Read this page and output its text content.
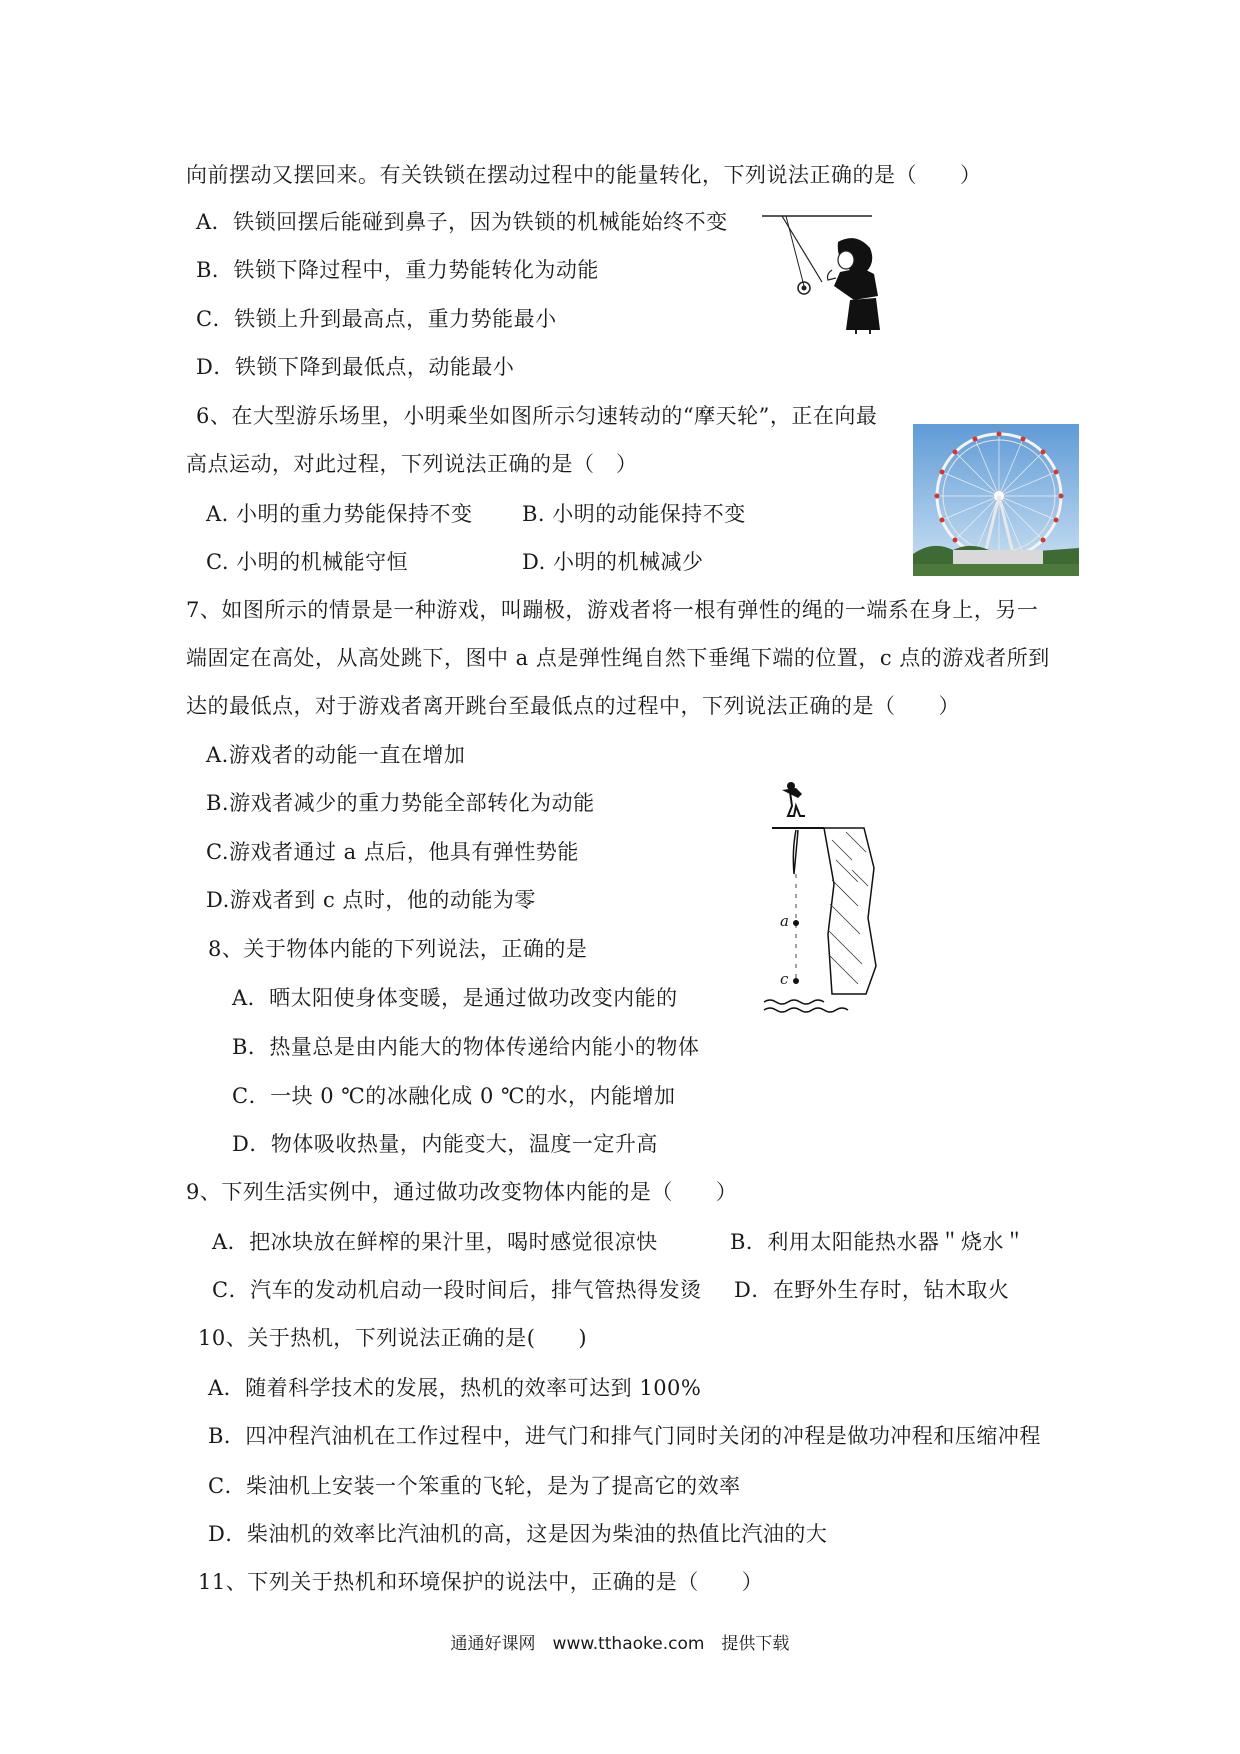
向前摆动又摆回来。有关铁锁在摆动过程中的能量转化，下列说法正确的是（　　）
A．铁锁回摆后能碰到鼻子，因为铁锁的机械能始终不变
B．铁锁下降过程中，重力势能转化为动能
C．铁锁上升到最高点，重力势能最小
D．铁锁下降到最低点，动能最小
6、在大型游乐场里，小明乘坐如图所示匀速转动的“摩天轮”，正在向最
高点运动，对此过程，下列说法正确的是（　）
A. 小明的重力势能保持不变 B. 小明的动能保持不变
C. 小明的机械能守恒	D. 小明的机械减少
7、如图所示的情景是一种游戏，叫蹦极，游戏者将一根有弹性的绳的一端系在身上，另一
端固定在高处，从高处跳下，图中 a 点是弹性绳自然下垂绳下端的位置，c 点的游戏者所到
达的最低点，对于游戏者离开跳台至最低点的过程中，下列说法正确的是（　　）
A.游戏者的动能一直在增加
B.游戏者减少的重力势能全部转化为动能
C.游戏者通过 a 点后，他具有弹性势能
D.游戏者到 c 点时，他的动能为零
a
c
8、关于物体内能的下列说法，正确的是
A．晒太阳使身体变暖，是通过做功改变内能的
B．热量总是由内能大的物体传递给内能小的物体
C．一块 0 ℃的冰融化成 0 ℃的水，内能增加
D．物体吸收热量，内能变大，温度一定升高
9、下列生活实例中，通过做功改变物体内能的是（　　）
A．把冰块放在鲜榨的果汁里，喝时感觉很凉快	B．利用太阳能热水器＂烧水＂
C．汽车的发动机启动一段时间后，排气管热得发烫 D．在野外生存时，钻木取火
10、关于热机，下列说法正确的是(　　)
A．随着科学技术的发展，热机的效率可达到 100%
B．四冲程汽油机在工作过程中，进气门和排气门同时关闭的冲程是做功冲程和压缩冲程
C．柴油机上安装一个笨重的飞轮，是为了提高它的效率
D．柴油机的效率比汽油机的高，这是因为柴油的热值比汽油的大
11、下列关于热机和环境保护的说法中，正确的是（　　）
通通好课网　www.tthaoke.com　提供下载
